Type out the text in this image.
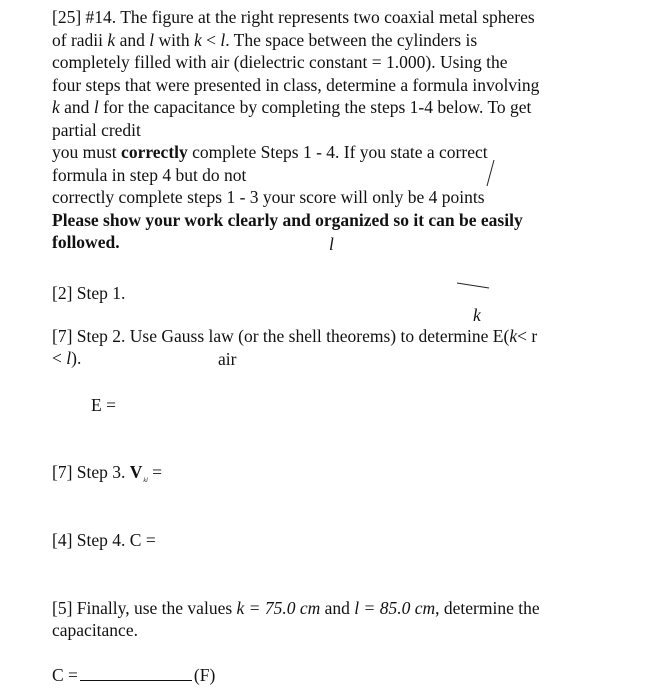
[25] #14. The figure at the right represents two coaxial metal spheres
of radii k and l with k < l. The space between the cylinders is
completely filled with air (dielectric constant = 1.000). Using the
four steps that were presented in class, determine a formula involving
k and l for the capacitance by completing the steps 1-4 below. To get
partial credit
you must correctly complete Steps 1 - 4. If you state a correct
formula in step 4 but do not
correctly complete steps 1 - 3 your score will only be 4 points
Please show your work clearly and organized so it can be easily
followed.	l
k
air
[2] Step 1.
[7] Step 2. Use Gauss law (or the shell theorems) to determine E(k< r
< l).
E =
[7] Step 3. $V_{kl}$ =
[4] Step 4. C =
[5] Finally, use the values k = 75.0 cm and l = 85.0 cm, determine the
capacitance.
C =	(F)
